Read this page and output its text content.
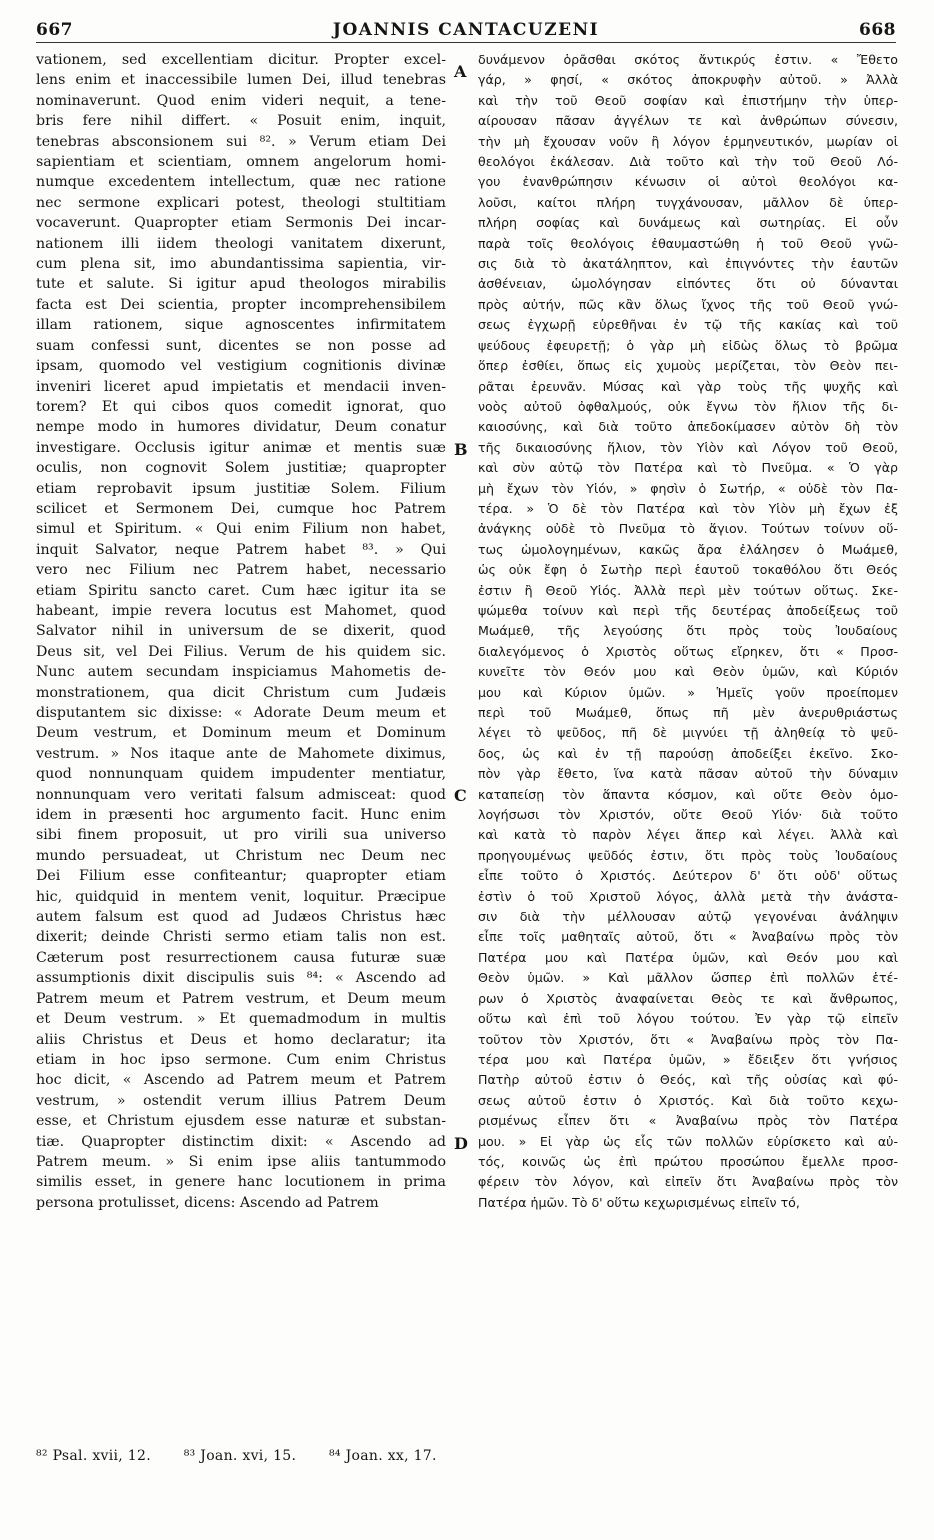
667	JOANNIS CANTACUZENI	668
vationem, sed excellentiam dicitur. Propter excel-
lens enim et inaccessibile lumen Dei, illud tenebras
nominaverunt. Quod enim videri nequit, a tene-
bris fere nihil differt. « Posuit enim, inquit,
tenebras absconsionem sui ⁸². » Verum etiam Dei
sapientiam et scientiam, omnem angelorum homi-
numque excedentem intellectum, quæ nec ratione
nec sermone explicari potest, theologi stultitiam
vocaverunt. Quapropter etiam Sermonis Dei incar-
nationem illi iidem theologi vanitatem dixerunt,
cum plena sit, imo abundantissima sapientia, vir-
tute et salute. Si igitur apud theologos mirabilis
facta est Dei scientia, propter incomprehensibilem
illam rationem, sique agnoscentes infirmitatem
suam confessi sunt, dicentes se non posse ad
ipsam, quomodo vel vestigium cognitionis divinæ
inveniri liceret apud impietatis et mendacii inven-
torem? Et qui cibos quos comedit ignorat, quo
nempe modo in humores dividatur, Deum conatur
investigare. Occlusis igitur animæ et mentis suæ
oculis, non cognovit Solem justitiæ; quapropter
etiam reprobavit ipsum justitiæ Solem. Filium
scilicet et Sermonem Dei, cumque hoc Patrem
simul et Spiritum. « Qui enim Filium non habet,
inquit Salvator, neque Patrem habet ⁸³. » Qui
vero nec Filium nec Patrem habet, necessario
etiam Spiritu sancto caret. Cum hæc igitur ita se
habeant, impie revera locutus est Mahomet, quod
Salvator nihil in universum de se dixerit, quod
Deus sit, vel Dei Filius. Verum de his quidem sic.
Nunc autem secundam inspiciamus Mahometis de-
monstrationem, qua dicit Christum cum Judæis
disputantem sic dixisse: « Adorate Deum meum et
Deum vestrum, et Dominum meum et Dominum
vestrum. » Nos itaque ante de Mahomete diximus,
quod nonnunquam quidem impudenter mentiatur,
nonnunquam vero veritati falsum admisceat: quod
idem in præsenti hoc argumento facit. Hunc enim
sibi finem proposuit, ut pro virili sua universo
mundo persuadeat, ut Christum nec Deum nec
Dei Filium esse confiteantur; quapropter etiam
hic, quidquid in mentem venit, loquitur. Præcipue
autem falsum est quod ad Judæos Christus hæc
dixerit; deinde Christi sermo etiam talis non est.
Cæterum post resurrectionem causa futuræ suæ
assumptionis dixit discipulis suis ⁸⁴: « Ascendo ad
Patrem meum et Patrem vestrum, et Deum meum
et Deum vestrum. » Et quemadmodum in multis
aliis Christus et Deus et homo declaratur; ita
etiam in hoc ipso sermone. Cum enim Christus
hoc dicit, « Ascendo ad Patrem meum et Patrem
vestrum, » ostendit verum illius Patrem Deum
esse, et Christum ejusdem esse naturæ et substan-
tiæ. Quapropter distinctim dixit: « Ascendo ad
Patrem meum. » Si enim ipse aliis tantummodo
similis esset, in genere hanc locutionem in prima
persona protulisset, dicens: Ascendo ad Patrem
δυνάμενον ὁρᾶσθαι σκότος ἄντικρύς ἐστιν. « Ἔθετο
γάρ, » φησί, « σκότος ἀποκρυφὴν αὐτοῦ. » Ἀλλὰ
καὶ τὴν τοῦ Θεοῦ σοφίαν καὶ ἐπιστήμην τὴν ὑπερ-
αίρουσαν πᾶσαν ἀγγέλων τε καὶ ἀνθρώπων σύνεσιν,
τὴν μὴ ἔχουσαν νοῦν ἢ λόγον ἑρμηνευτικόν, μωρίαν οἱ
θεολόγοι ἐκάλεσαν. Διὰ τοῦτο καὶ τὴν τοῦ Θεοῦ Λό-
γου ἐνανθρώπησιν κένωσιν οἱ αὐτοὶ θεολόγοι κα-
λοῦσι, καίτοι πλήρη τυγχάνουσαν, μᾶλλον δὲ ὑπερ-
πλήρη σοφίας καὶ δυνάμεως καὶ σωτηρίας. Εἰ οὖν
παρὰ τοῖς θεολόγοις ἐθαυμαστώθη ἡ τοῦ Θεοῦ γνῶ-
σις διὰ τὸ ἀκατάληπτον, καὶ ἐπιγνόντες τὴν ἑαυτῶν
ἀσθένειαν, ὡμολόγησαν εἰπόντες ὅτι οὐ δύνανται
πρὸς αὐτήν, πῶς κἂν ὅλως ἴχνος τῆς τοῦ Θεοῦ γνώ-
σεως ἐγχωρῇ εὑρεθῆναι ἐν τῷ τῆς κακίας καὶ τοῦ
ψεύδους ἐφευρετῇ; ὁ γὰρ μὴ εἰδὼς ὅλως τὸ βρῶμα
ὅπερ ἐσθίει, ὅπως εἰς χυμοὺς μερίζεται, τὸν Θεὸν πει-
ρᾶται ἐρευνᾶν. Μύσας καὶ γὰρ τοὺς τῆς ψυχῆς καὶ
νοὸς αὐτοῦ ὀφθαλμούς, οὐκ ἔγνω τὸν ἥλιον τῆς δι-
καιοσύνης, καὶ διὰ τοῦτο ἀπεδοκίμασεν αὐτὸν δὴ τὸν
τῆς δικαιοσύνης ἥλιον, τὸν Υἱὸν καὶ Λόγον τοῦ Θεοῦ,
καὶ σὺν αὐτῷ τὸν Πατέρα καὶ τὸ Πνεῦμα. « Ὁ γὰρ
μὴ ἔχων τὸν Υἱόν, » φησὶν ὁ Σωτήρ, « οὐδὲ τὸν Πα-
τέρα. » Ὁ δὲ τὸν Πατέρα καὶ τὸν Υἱὸν μὴ ἔχων ἐξ
ἀνάγκης οὐδὲ τὸ Πνεῦμα τὸ ἅγιον. Τούτων τοίνυν οὕ-
τως ὡμολογημένων, κακῶς ἄρα ἐλάλησεν ὁ Μωάμεθ,
ὡς οὐκ ἔφη ὁ Σωτὴρ περὶ ἑαυτοῦ τοκαθόλου ὅτι Θεός
ἐστιν ἢ Θεοῦ Υἱός. Ἀλλὰ περὶ μὲν τούτων οὕτως. Σκε-
ψώμεθα τοίνυν καὶ περὶ τῆς δευτέρας ἀποδείξεως τοῦ
Μωάμεθ, τῆς λεγούσης ὅτι πρὸς τοὺς Ἰουδαίους
διαλεγόμενος ὁ Χριστὸς οὕτως εἴρηκεν, ὅτι « Προσ-
κυνεῖτε τὸν Θεόν μου καὶ Θεὸν ὑμῶν, καὶ Κύριόν
μου καὶ Κύριον ὑμῶν. » Ἡμεῖς γοῦν προείπομεν
περὶ τοῦ Μωάμεθ, ὅπως πῆ μὲν ἀνερυθριάστως
λέγει τὸ ψεῦδος, πῆ δὲ μιγνύει τῇ ἀληθείᾳ τὸ ψεῦ-
δος, ὡς καὶ ἐν τῇ παρούσῃ ἀποδείξει ἐκεῖνο. Σκο-
πὸν γὰρ ἔθετο, ἵνα κατὰ πᾶσαν αὐτοῦ τὴν δύναμιν
καταπείσῃ τὸν ἅπαντα κόσμον, καὶ οὔτε Θεὸν ὁμο-
λογήσωσι τὸν Χριστόν, οὔτε Θεοῦ Υἱόν· διὰ τοῦτο
καὶ κατὰ τὸ παρὸν λέγει ἅπερ καὶ λέγει. Ἀλλὰ καὶ
προηγουμένως ψεῦδός ἐστιν, ὅτι πρὸς τοὺς Ἰουδαίους
εἶπε τοῦτο ὁ Χριστός. Δεύτερον δ' ὅτι οὐδ' οὕτως
ἐστὶν ὁ τοῦ Χριστοῦ λόγος, ἀλλὰ μετὰ τὴν ἀνάστα-
σιν διὰ τὴν μέλλουσαν αὐτῷ γεγονέναι ἀνάληψιν
εἶπε τοῖς μαθηταῖς αὐτοῦ, ὅτι « Ἀναβαίνω πρὸς τὸν
Πατέρα μου καὶ Πατέρα ὑμῶν, καὶ Θεόν μου καὶ
Θεὸν ὑμῶν. » Καὶ μᾶλλον ὥσπερ ἐπὶ πολλῶν ἑτέ-
ρων ὁ Χριστὸς ἀναφαίνεται Θεὸς τε καὶ ἄνθρωπος,
οὕτω καὶ ἐπὶ τοῦ λόγου τούτου. Ἐν γὰρ τῷ εἰπεῖν
τοῦτον τὸν Χριστόν, ὅτι « Ἀναβαίνω πρὸς τὸν Πα-
τέρα μου καὶ Πατέρα ὑμῶν, » ἔδειξεν ὅτι γνήσιος
Πατὴρ αὐτοῦ ἐστιν ὁ Θεός, καὶ τῆς οὐσίας καὶ φύ-
σεως αὐτοῦ ἐστιν ὁ Χριστός. Καὶ διὰ τοῦτο κεχω-
ρισμένως εἶπεν ὅτι « Ἀναβαίνω πρὸς τὸν Πατέρα
μου. » Εἰ γὰρ ὡς εἷς τῶν πολλῶν εὑρίσκετο καὶ αὐ-
τός, κοινῶς ὡς ἐπὶ πρώτου προσώπου ἔμελλε προσ-
φέρειν τὸν λόγον, καὶ εἰπεῖν ὅτι Ἀναβαίνω πρὸς τὸν
Πατέρα ἡμῶν. Τὸ δ' οὕτω κεχωρισμένως εἰπεῖν τό,
A
B
C
D
⁸² Psal. xvii, 12. ⁸³ Joan. xvi, 15. ⁸⁴ Joan. xx, 17.
